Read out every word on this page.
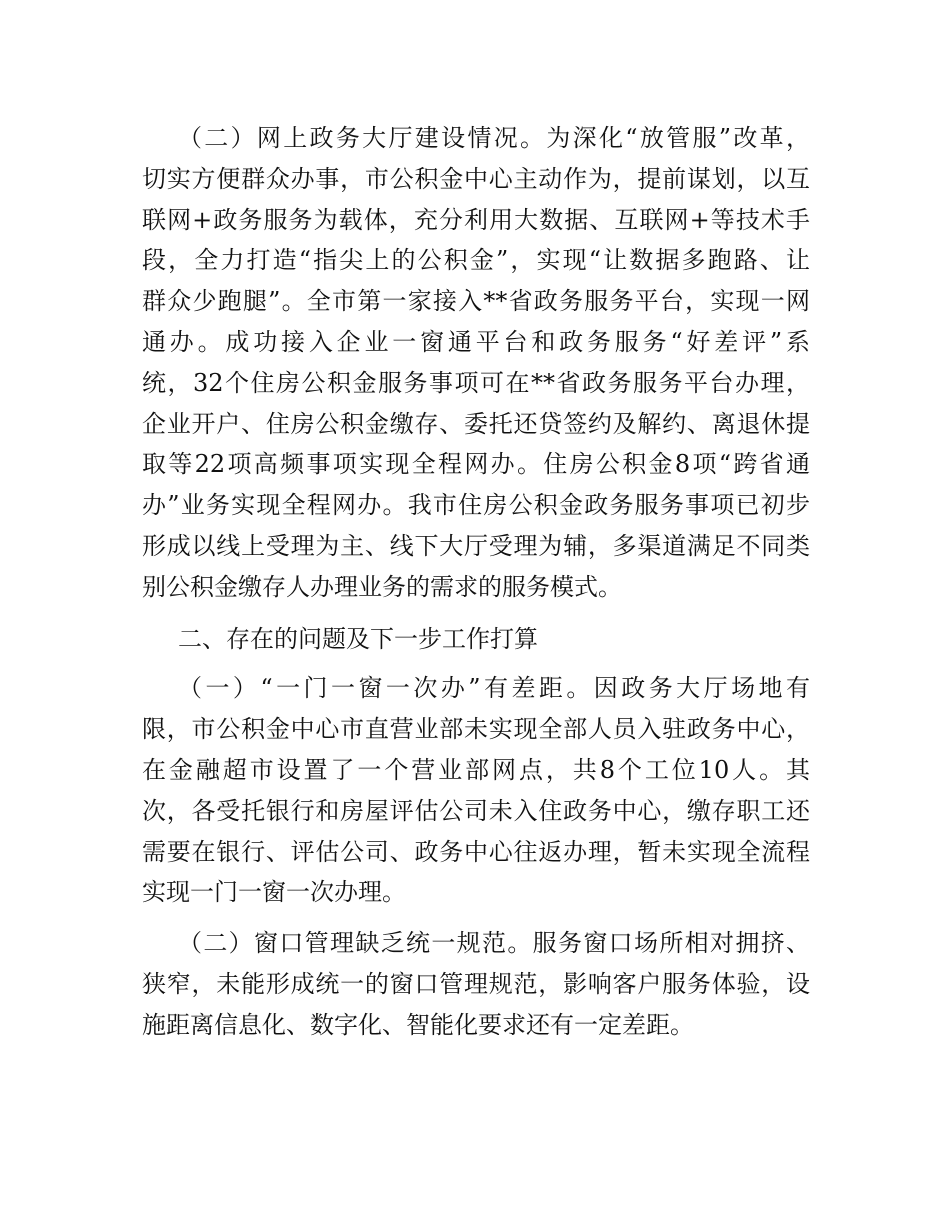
（二）网上政务大厅建设情况。为深化“放管服”改革，
切实方便群众办事，市公积金中心主动作为，提前谋划，以互
联网+政务服务为载体，充分利用大数据、互联网+等技术手
段，全力打造“指尖上的公积金”，实现“让数据多跑路、让
群众少跑腿”。全市第一家接入**省政务服务平台，实现一网
通办。成功接入企业一窗通平台和政务服务“好差评”系
统，32个住房公积金服务事项可在**省政务服务平台办理，
企业开户、住房公积金缴存、委托还贷签约及解约、离退休提
取等22项高频事项实现全程网办。住房公积金8项“跨省通
办”业务实现全程网办。我市住房公积金政务服务事项已初步
形成以线上受理为主、线下大厅受理为辅，多渠道满足不同类
别公积金缴存人办理业务的需求的服务模式。
二、存在的问题及下一步工作打算
（一）“一门一窗一次办”有差距。因政务大厅场地有
限，市公积金中心市直营业部未实现全部人员入驻政务中心，
在金融超市设置了一个营业部网点，共8个工位10人。其
次，各受托银行和房屋评估公司未入住政务中心，缴存职工还
需要在银行、评估公司、政务中心往返办理，暂未实现全流程
实现一门一窗一次办理。
（二）窗口管理缺乏统一规范。服务窗口场所相对拥挤、
狭窄，未能形成统一的窗口管理规范，影响客户服务体验，设
施距离信息化、数字化、智能化要求还有一定差距。
